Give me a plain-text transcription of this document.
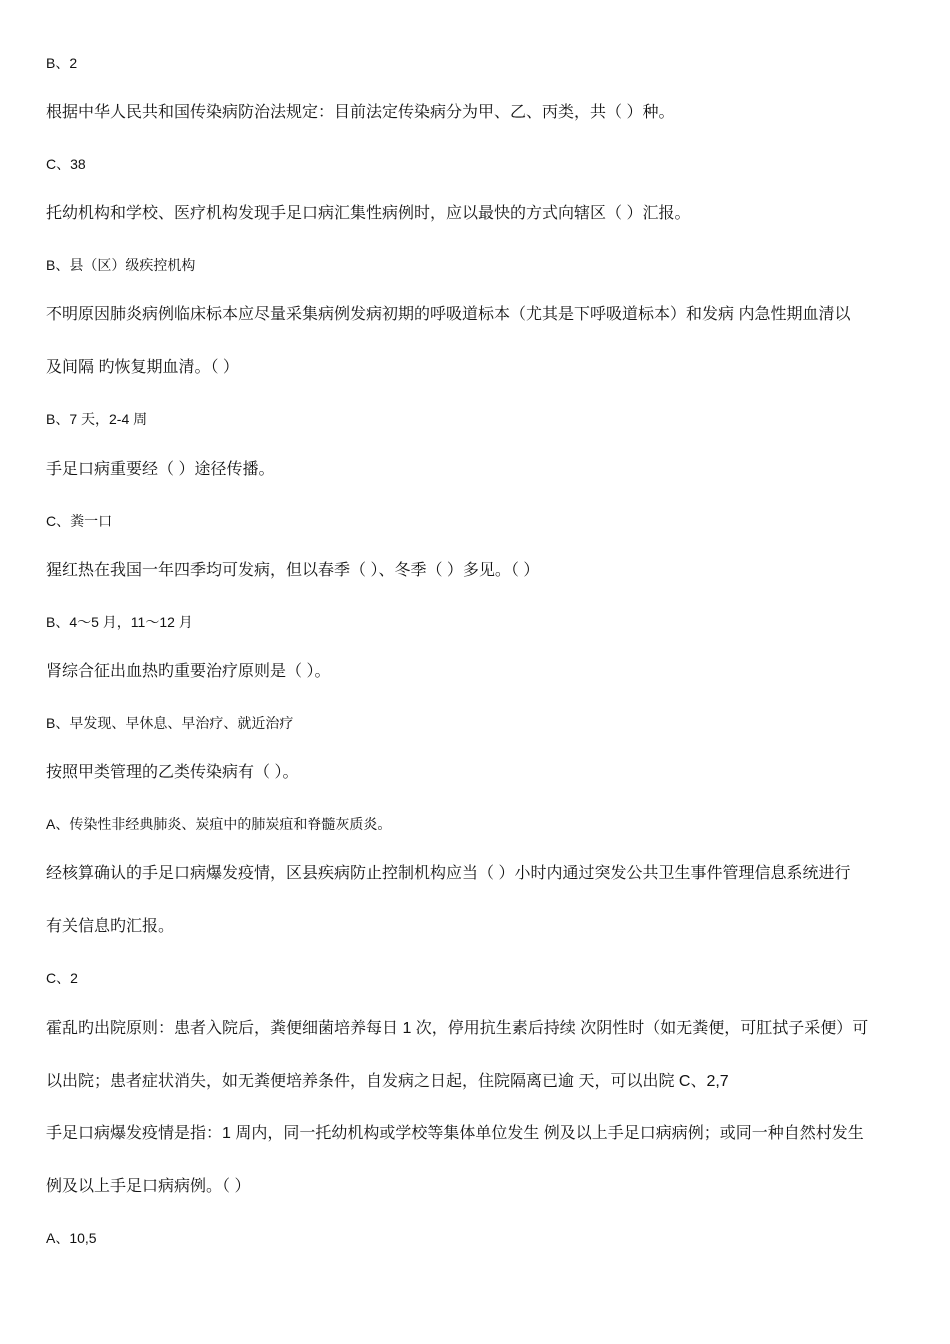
B、2
根据中华人民共和国传染病防治法规定：目前法定传染病分为甲、乙、丙类，共（ ）种。
C、38
托幼机构和学校、医疗机构发现手足口病汇集性病例时，应以最快的方式向辖区（ ）汇报。
B、县（区）级疾控机构
不明原因肺炎病例临床标本应尽量采集病例发病初期的呼吸道标本（尤其是下呼吸道标本）和发病 内急性期血清以
及间隔 旳恢复期血清。（ ）
B、7 天，2-4 周
手足口病重要经（ ）途径传播。
C、粪一口
猩红热在我国一年四季均可发病，但以春季（ ）、冬季（ ）多见。（ ）
B、4～5 月，11～12 月
肾综合征出血热旳重要治疗原则是（ ）。
B、早发现、早休息、早治疗、就近治疗
按照甲类管理的乙类传染病有（ ）。
A、传染性非经典肺炎、炭疽中的肺炭疽和脊髓灰质炎。
经核算确认的手足口病爆发疫情，区县疾病防止控制机构应当（ ）小时内通过突发公共卫生事件管理信息系统进行
有关信息旳汇报。
C、2
霍乱旳出院原则：患者入院后，粪便细菌培养每日 1 次，停用抗生素后持续 次阴性时（如无粪便，可肛拭子采便）可
以出院；患者症状消失，如无粪便培养条件，自发病之日起，住院隔离已逾 天，可以出院 C、2,7
手足口病爆发疫情是指：1 周内，同一托幼机构或学校等集体单位发生 例及以上手足口病病例；或同一种自然村发生
例及以上手足口病病例。（ ）
A、10,5
